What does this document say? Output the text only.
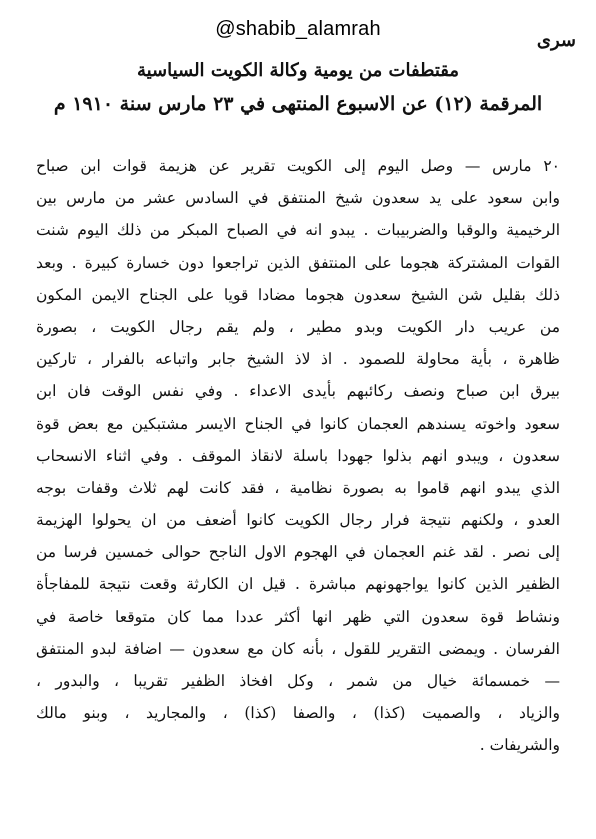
@shabib_alamrah
سرى
مقتطفات من يومية وكالة الكويت السياسية
المرقمة (١٢) عن الاسبوع المنتهى في ٢٣ مارس سنة ١٩١٠ م
٢٠ مارس — وصل اليوم إلى الكويت تقرير عن هزيمة قوات ابن صباح
وابن سعود على يد سعدون شيخ المنتفق في السادس عشر من مارس بين
الرخيمية والوقبا والضربيبات . يبدو انه في الصباح المبكر من ذلك اليوم شنت
القوات المشتركة هجوما على المنتفق الذين تراجعوا دون خسارة كبيرة . وبعد
ذلك بقليل شن الشيخ سعدون هجوما مضادا قويا على الجناح الايمن المكون
من عريب دار الكويت وبدو مطير ، ولم يقم رجال الكويت ، بصورة
ظاهرة ، بأية محاولة للصمود . اذ لاذ الشيخ جابر واتباعه بالفرار ، تاركين
بيرق ابن صباح ونصف ركائبهم بأيدى الاعداء . وفي نفس الوقت فان ابن
سعود واخوته يسندهم العجمان كانوا في الجناح الايسر مشتبكين مع بعض قوة
سعدون ، ويبدو انهم بذلوا جهودا باسلة لانقاذ الموقف . وفي اثناء الانسحاب
الذي يبدو انهم قاموا به بصورة نظامية ، فقد كانت لهم ثلاث وقفات بوجه
العدو ، ولكنهم نتيجة فرار رجال الكويت كانوا أضعف من ان يحولوا الهزيمة
إلى نصر . لقد غنم العجمان في الهجوم الاول الناجح حوالى خمسين فرسا من
الظفير الذين كانوا يواجهونهم مباشرة . قيل ان الكارثة وقعت نتيجة للمفاجأة
ونشاط قوة سعدون التي ظهر انها أكثر عددا مما كان متوقعا خاصة في
الفرسان . ويمضى التقرير للقول ، بأنه كان مع سعدون — اضافة لبدو المنتفق
— خمسمائة خيال من شمر ، وكل افخاذ الظفير تقريبا ، والبدور ،
والزياد ، والصميت (كذا) ، والصفا (كذا) ، والمجاريد ، وبنو مالك
والشريفات .
